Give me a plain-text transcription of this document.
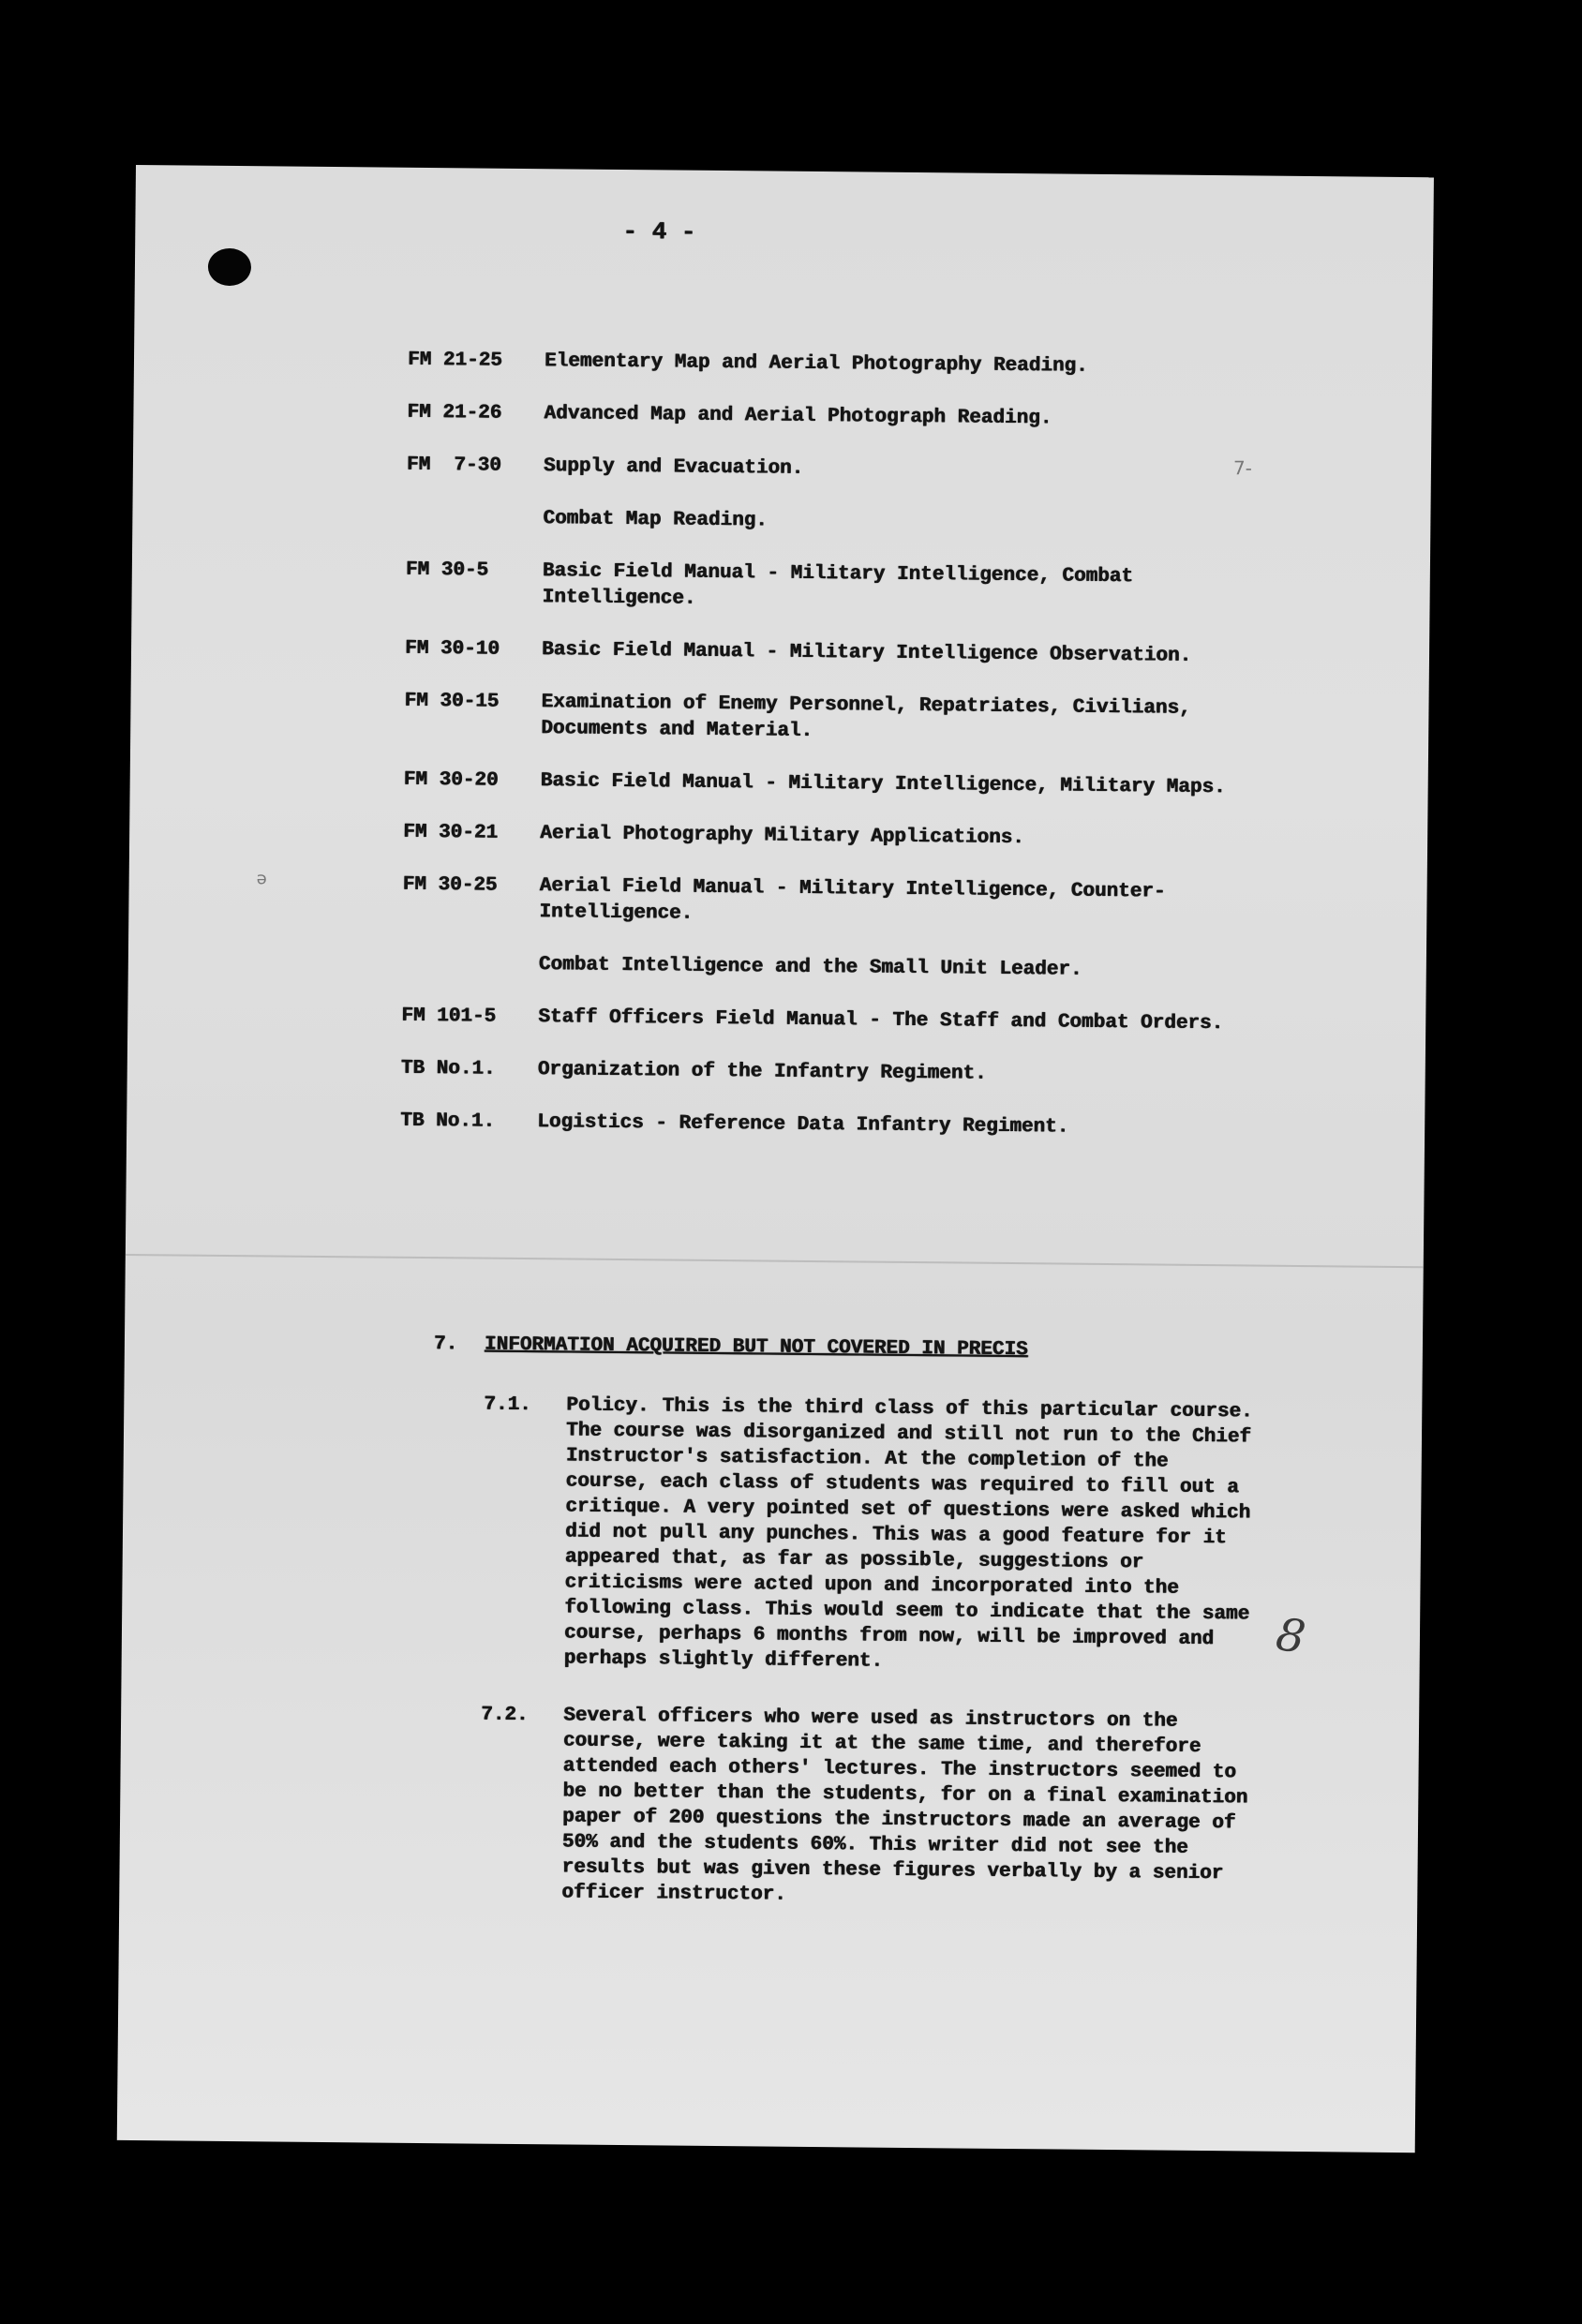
- 4 -
7-
ə
FM 21-25	Elementary Map and Aerial Photography Reading.
FM 21-26	Advanced Map and Aerial Photograph Reading.
FM  7-30	Supply and Evacuation.
Combat Map Reading.
FM 30-5	Basic Field Manual - Military Intelligence, Combat Intelligence.
FM 30-10	Basic Field Manual - Military Intelligence Observation.
FM 30-15	Examination of Enemy Personnel, Repatriates, Civilians, Documents and Material.
FM 30-20	Basic Field Manual - Military Intelligence, Military Maps.
FM 30-21	Aerial Photography Military Applications.
FM 30-25	Aerial Field Manual - Military Intelligence, Counter-Intelligence.
Combat Intelligence and the Small Unit Leader.
FM 101-5	Staff Officers Field Manual - The Staff and Combat Orders.
TB No.1.	Organization of the Infantry Regiment.
TB No.1.	Logistics - Reference Data Infantry Regiment.
7.	INFORMATION ACQUIRED BUT NOT COVERED IN PRECIS
7.1.	Policy. This is the third class of this particular course. The course was disorganized and still not run to the Chief Instructor's satisfaction. At the completion of the course, each class of students was required to fill out a critique. A very pointed set of questions were asked which did not pull any punches. This was a good feature for it appeared that, as far as possible, suggestions or criticisms were acted upon and incorporated into the following class. This would seem to indicate that the same course, perhaps 6 months from now, will be improved and perhaps slightly different.
7.2.	Several officers who were used as instructors on the course, were taking it at the same time, and therefore attended each others' lectures. The instructors seemed to be no better than the students, for on a final examination paper of 200 questions the instructors made an average of 50% and the students 60%. This writer did not see the results but was given these figures verbally by a senior officer instructor.
8
